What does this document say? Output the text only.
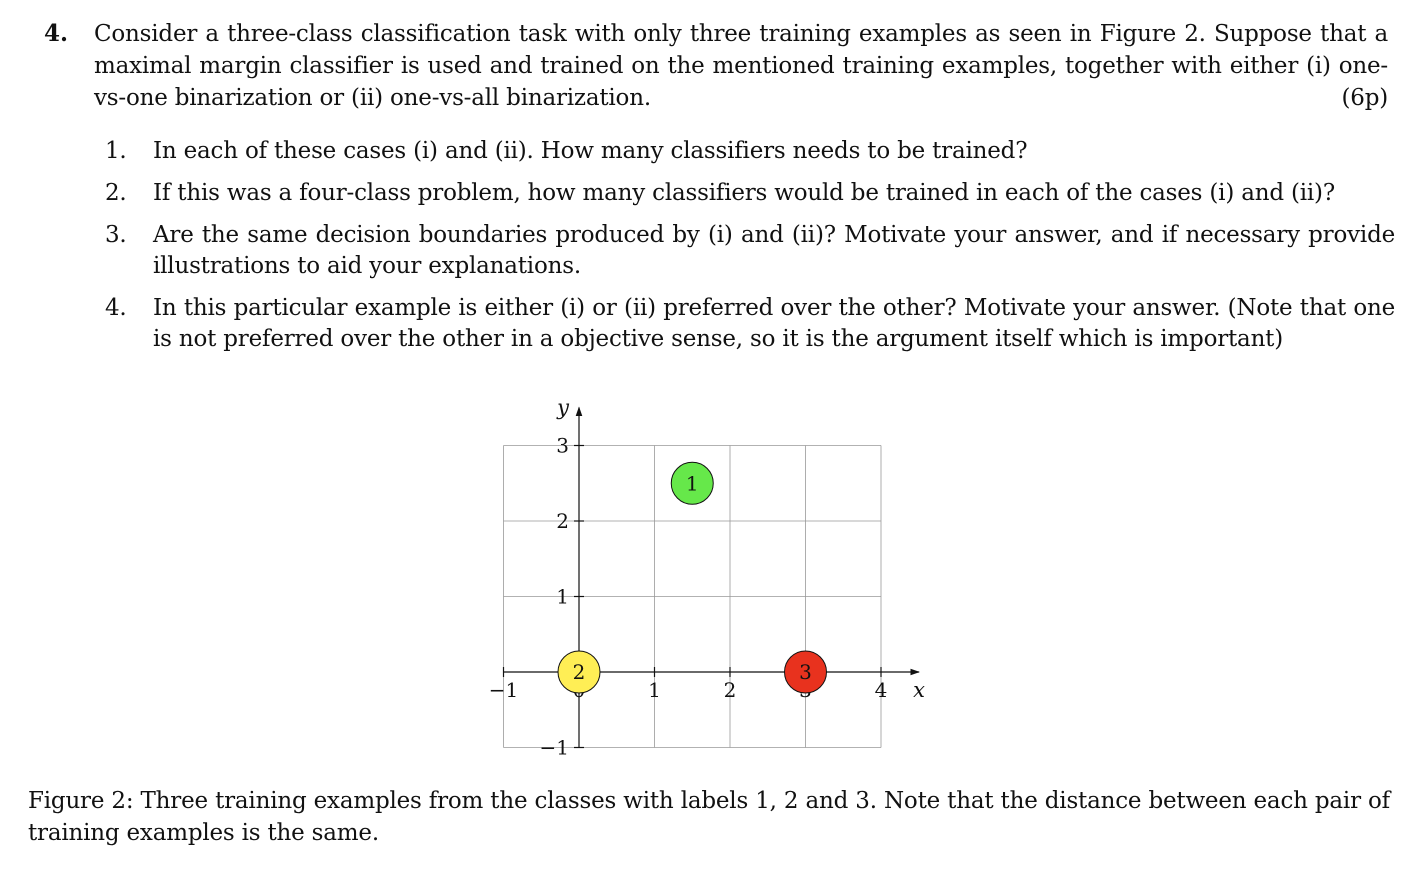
4. Consider a three-class classification task with only three training examples as seen in Figure 2. Suppose that a maximal margin classifier is used and trained on the mentioned training examples, together with either (i) one-vs-one binarization or (ii) one-vs-all binarization.	(6p)
1. In each of these cases (i) and (ii). How many classifiers needs to be trained?
2. If this was a four-class problem, how many classifiers would be trained in each of the cases (i) and (ii)?
3. Are the same decision boundaries produced by (i) and (ii)? Motivate your answer, and if necessary provide illustrations to aid your explanations.
4. In this particular example is either (i) or (ii) preferred over the other? Motivate your answer. (Note that one is not preferred over the other in a objective sense, so it is the argument itself which is important)
−1	1	2	4
−1
1
2
3
x
y
1
2	3
Figure 2: Three training examples from the classes with labels 1, 2 and 3. Note that the distance between each pair of training examples is the same.
